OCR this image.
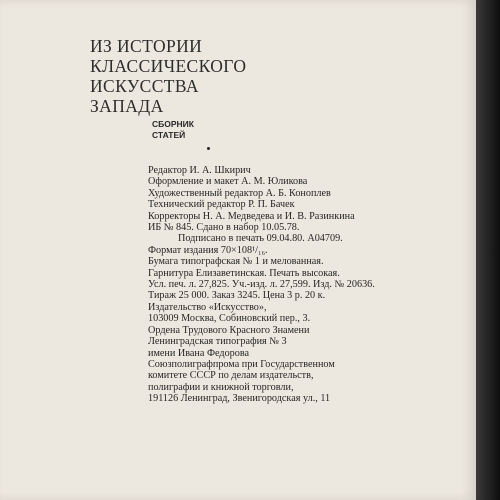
ИЗ ИСТОРИИ
КЛАССИЧЕСКОГО
ИСКУССТВА
ЗАПАДА
СБОРНИК
СТАТЕЙ
Редактор И. А. Шкирич
Оформление и макет А. М. Юликова
Художественный редактор А. Б. Коноплев
Технический редактор Р. П. Бачек
Корректоры Н. А. Медведева и И. В. Разинкина
ИБ № 845. Сдано в набор 10.05.78.
Подписано в печать 09.04.80. А04709.
Формат издания 70×108¹/₁₆.
Бумага типографская № 1 и мелованная.
Гарнитура Елизаветинская. Печать высокая.
Усл. печ. л. 27,825. Уч.-изд. л. 27,599. Изд. № 20636.
Тираж 25 000. Заказ 3245. Цена 3 р. 20 к.
Издательство «Искусство»,
103009 Москва, Собиновский пер., 3.
Ордена Трудового Красного Знамени
Ленинградская типография № 3
имени Ивана Федорова
Союзполиграфпрома при Государственном
комитете СССР по делам издательств,
полиграфии и книжной торговли,
191126 Ленинград, Звенигородская ул., 11
